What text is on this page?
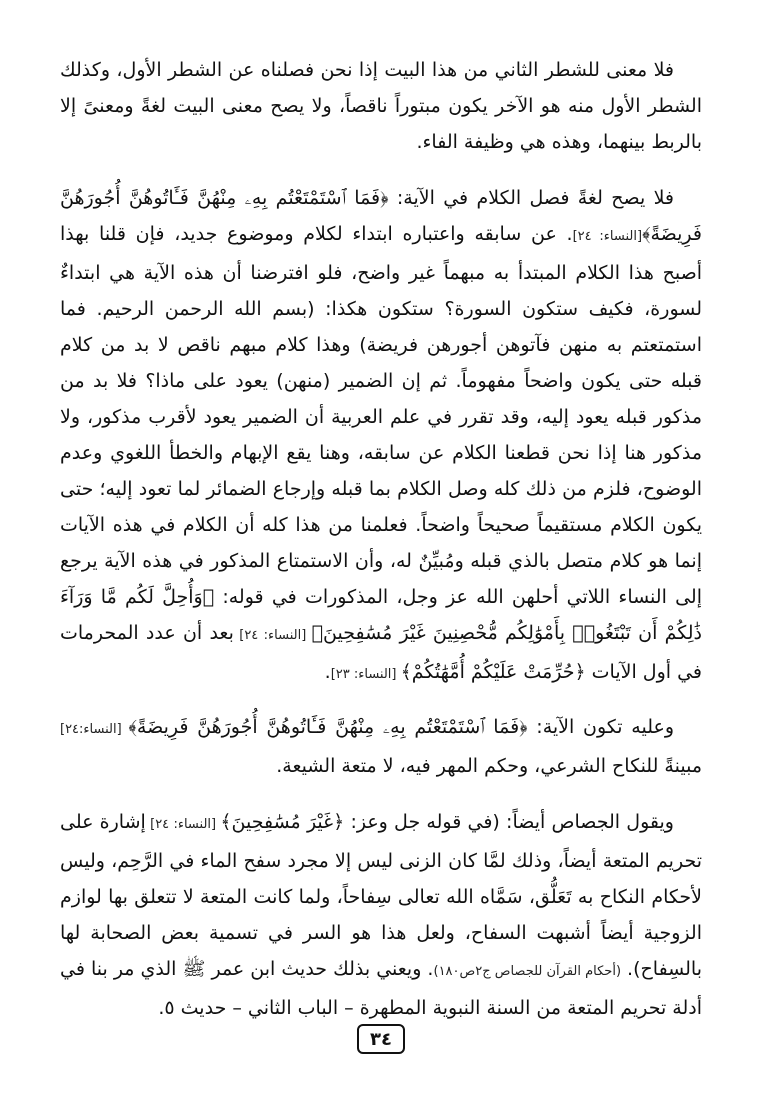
فلا معنى للشطر الثاني من هذا البيت إذا نحن فصلناه عن الشطر الأول، وكذلك الشطر الأول منه هو الآخر يكون مبتوراً ناقصاً، ولا يصح معنى البيت لغةً ومعنىً إلا بالربط بينهما، وهذه هي وظيفة الفاء.

فلا يصح لغةً فصل الكلام في الآية: ﴿فَمَا ٱسْتَمْتَعْتُم بِهِۦ مِنْهُنَّ فَـَٔاتُوهُنَّ أُجُورَهُنَّ فَرِيضَةً﴾[النساء: ٢٤]. عن سابقه واعتباره ابتداء لكلام وموضوع جديد، فإن قلنا بهذا أصبح هذا الكلام المبتدأ به مبهماً غير واضح، فلو افترضنا أن هذه الآية هي ابتداءٌ لسورة، فكيف ستكون السورة؟ ستكون هكذا: (بسم الله الرحمن الرحيم. فما استمتعتم به منهن فآتوهن أجورهن فريضة) وهذا كلام مبهم ناقص لا بد من كلام قبله حتى يكون واضحاً مفهوماً. ثم إن الضمير (منهن) يعود على ماذا؟ فلا بد من مذكور قبله يعود إليه، وقد تقرر في علم العربية أن الضمير يعود لأقرب مذكور، ولا مذكور هنا إذا نحن قطعنا الكلام عن سابقه، وهنا يقع الإبهام والخطأ اللغوي وعدم الوضوح، فلزم من ذلك كله وصل الكلام بما قبله وإرجاع الضمائر لما تعود إليه؛ حتى يكون الكلام مستقيماً صحيحاً واضحاً. فعلمنا من هذا كله أن الكلام في هذه الآيات إنما هو كلام متصل بالذي قبله ومُبيِّنٌ له، وأن الاستمتاع المذكور في هذه الآية يرجع إلى النساء اللاتي أحلهن الله عز وجل، المذكورات في قوله: ﴿وَأُحِلَّ لَكُم مَّا وَرَآءَ ذَٰلِكُمْ أَن تَبْتَغُوا۟ بِأَمْوَٰلِكُم مُّحْصِنِينَ غَيْرَ مُسَٰفِحِينَ﴾ [النساء: ٢٤] بعد أن عدد المحرمات في أول الآيات ﴿حُرِّمَتْ عَلَيْكُمْ أُمَّهَٰتُكُمْ﴾ [النساء: ٢٣].

وعليه تكون الآية: ﴿فَمَا ٱسْتَمْتَعْتُم بِهِۦ مِنْهُنَّ فَـَٔاتُوهُنَّ أُجُورَهُنَّ فَرِيضَةً﴾ [النساء:٢٤] مبينةً للنكاح الشرعي، وحكم المهر فيه، لا متعة الشيعة.

ويقول الجصاص أيضاً: (في قوله جل وعز: ﴿غَيْرَ مُسَٰفِحِينَ﴾ [النساء: ٢٤] إشارة على تحريم المتعة أيضاً، وذلك لمَّا كان الزنى ليس إلا مجرد سفح الماء في الرَّحِم، وليس لأحكام النكاح به تَعَلُّق، سَمَّاه الله تعالى سِفاحاً، ولما كانت المتعة لا تتعلق بها لوازم الزوجية أيضاً أشبهت السفاح، ولعل هذا هو السر في تسمية بعض الصحابة لها بالسِفاح). (أحكام القرآن للجصاص ج٢ص١٨٠). ويعني بذلك حديث ابن عمر ﷺ الذي مر بنا في أدلة تحريم المتعة من السنة النبوية المطهرة – الباب الثاني – حديث ٥.

٣٤
